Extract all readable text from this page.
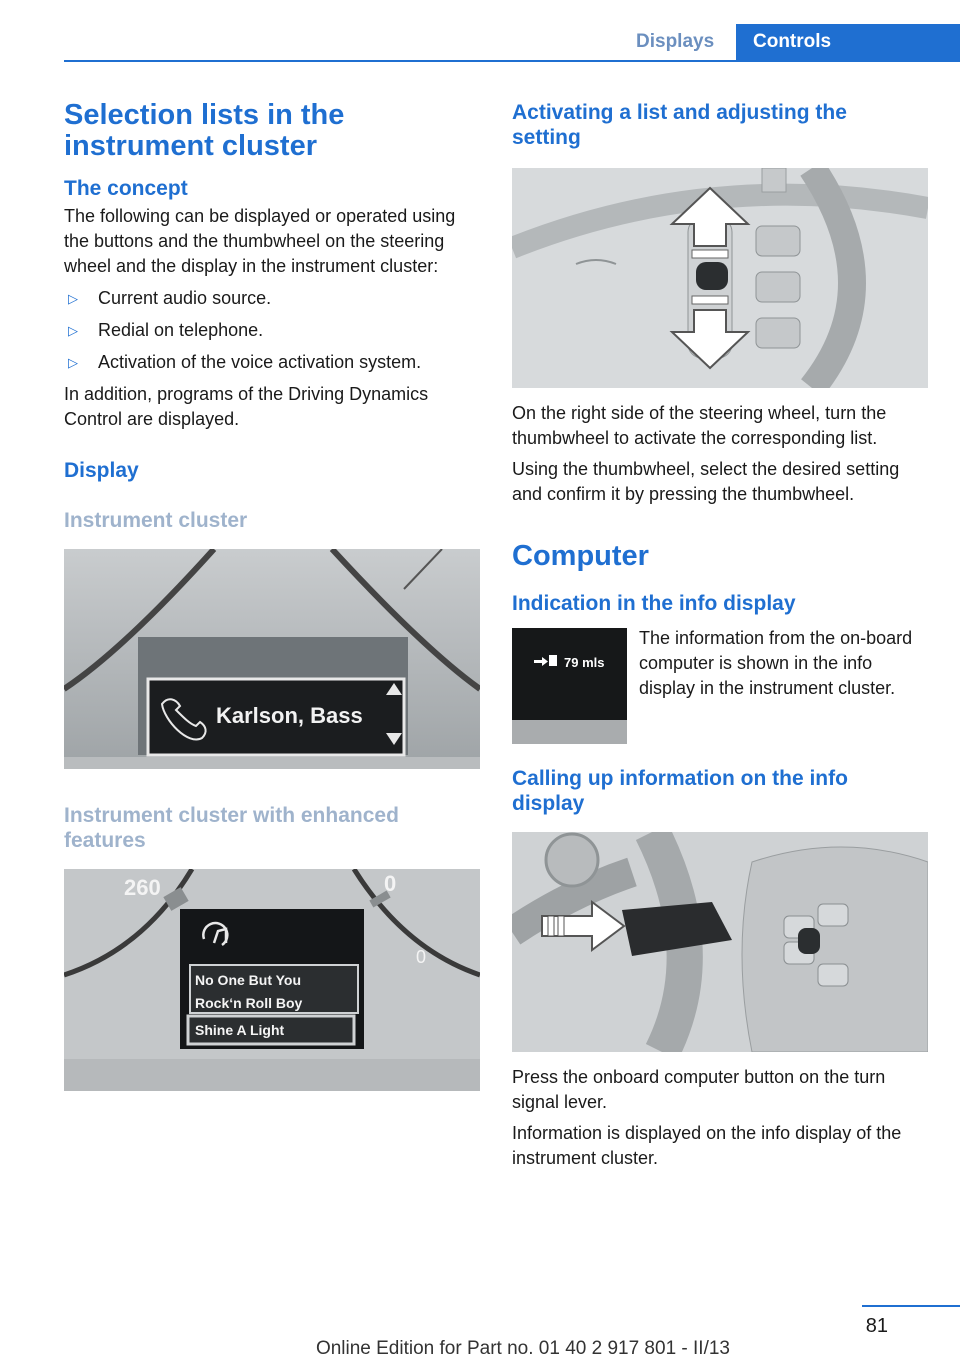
Displays	Controls
Selection lists in the instrument cluster
The concept

The following can be displayed or operated using the buttons and the thumbwheel on the steering wheel and the display in the instrument cluster:

▷ Current audio source.
▷ Redial on telephone.
▷ Activation of the voice activation system.

In addition, programs of the Driving Dynamics Control are displayed.

Display
Instrument cluster
Karlson, Bass
Instrument cluster with enhanced features
260	0
0
No One But You
Rock‘n Roll Boy
Shine A Light
Activating a list and adjusting the setting

On the right side of the steering wheel, turn the thumbwheel to activate the corresponding list.

Using the thumbwheel, select the desired setting and confirm it by pressing the thumbwheel.

Computer
Indication in the info display
79 mls

The information from the on-board computer is shown in the info display in the instrument cluster.

Calling up information on the info display

Press the onboard computer button on the turn signal lever.

Information is displayed on the info display of the instrument cluster.

81
Online Edition for Part no. 01 40 2 917 801 - II/13
